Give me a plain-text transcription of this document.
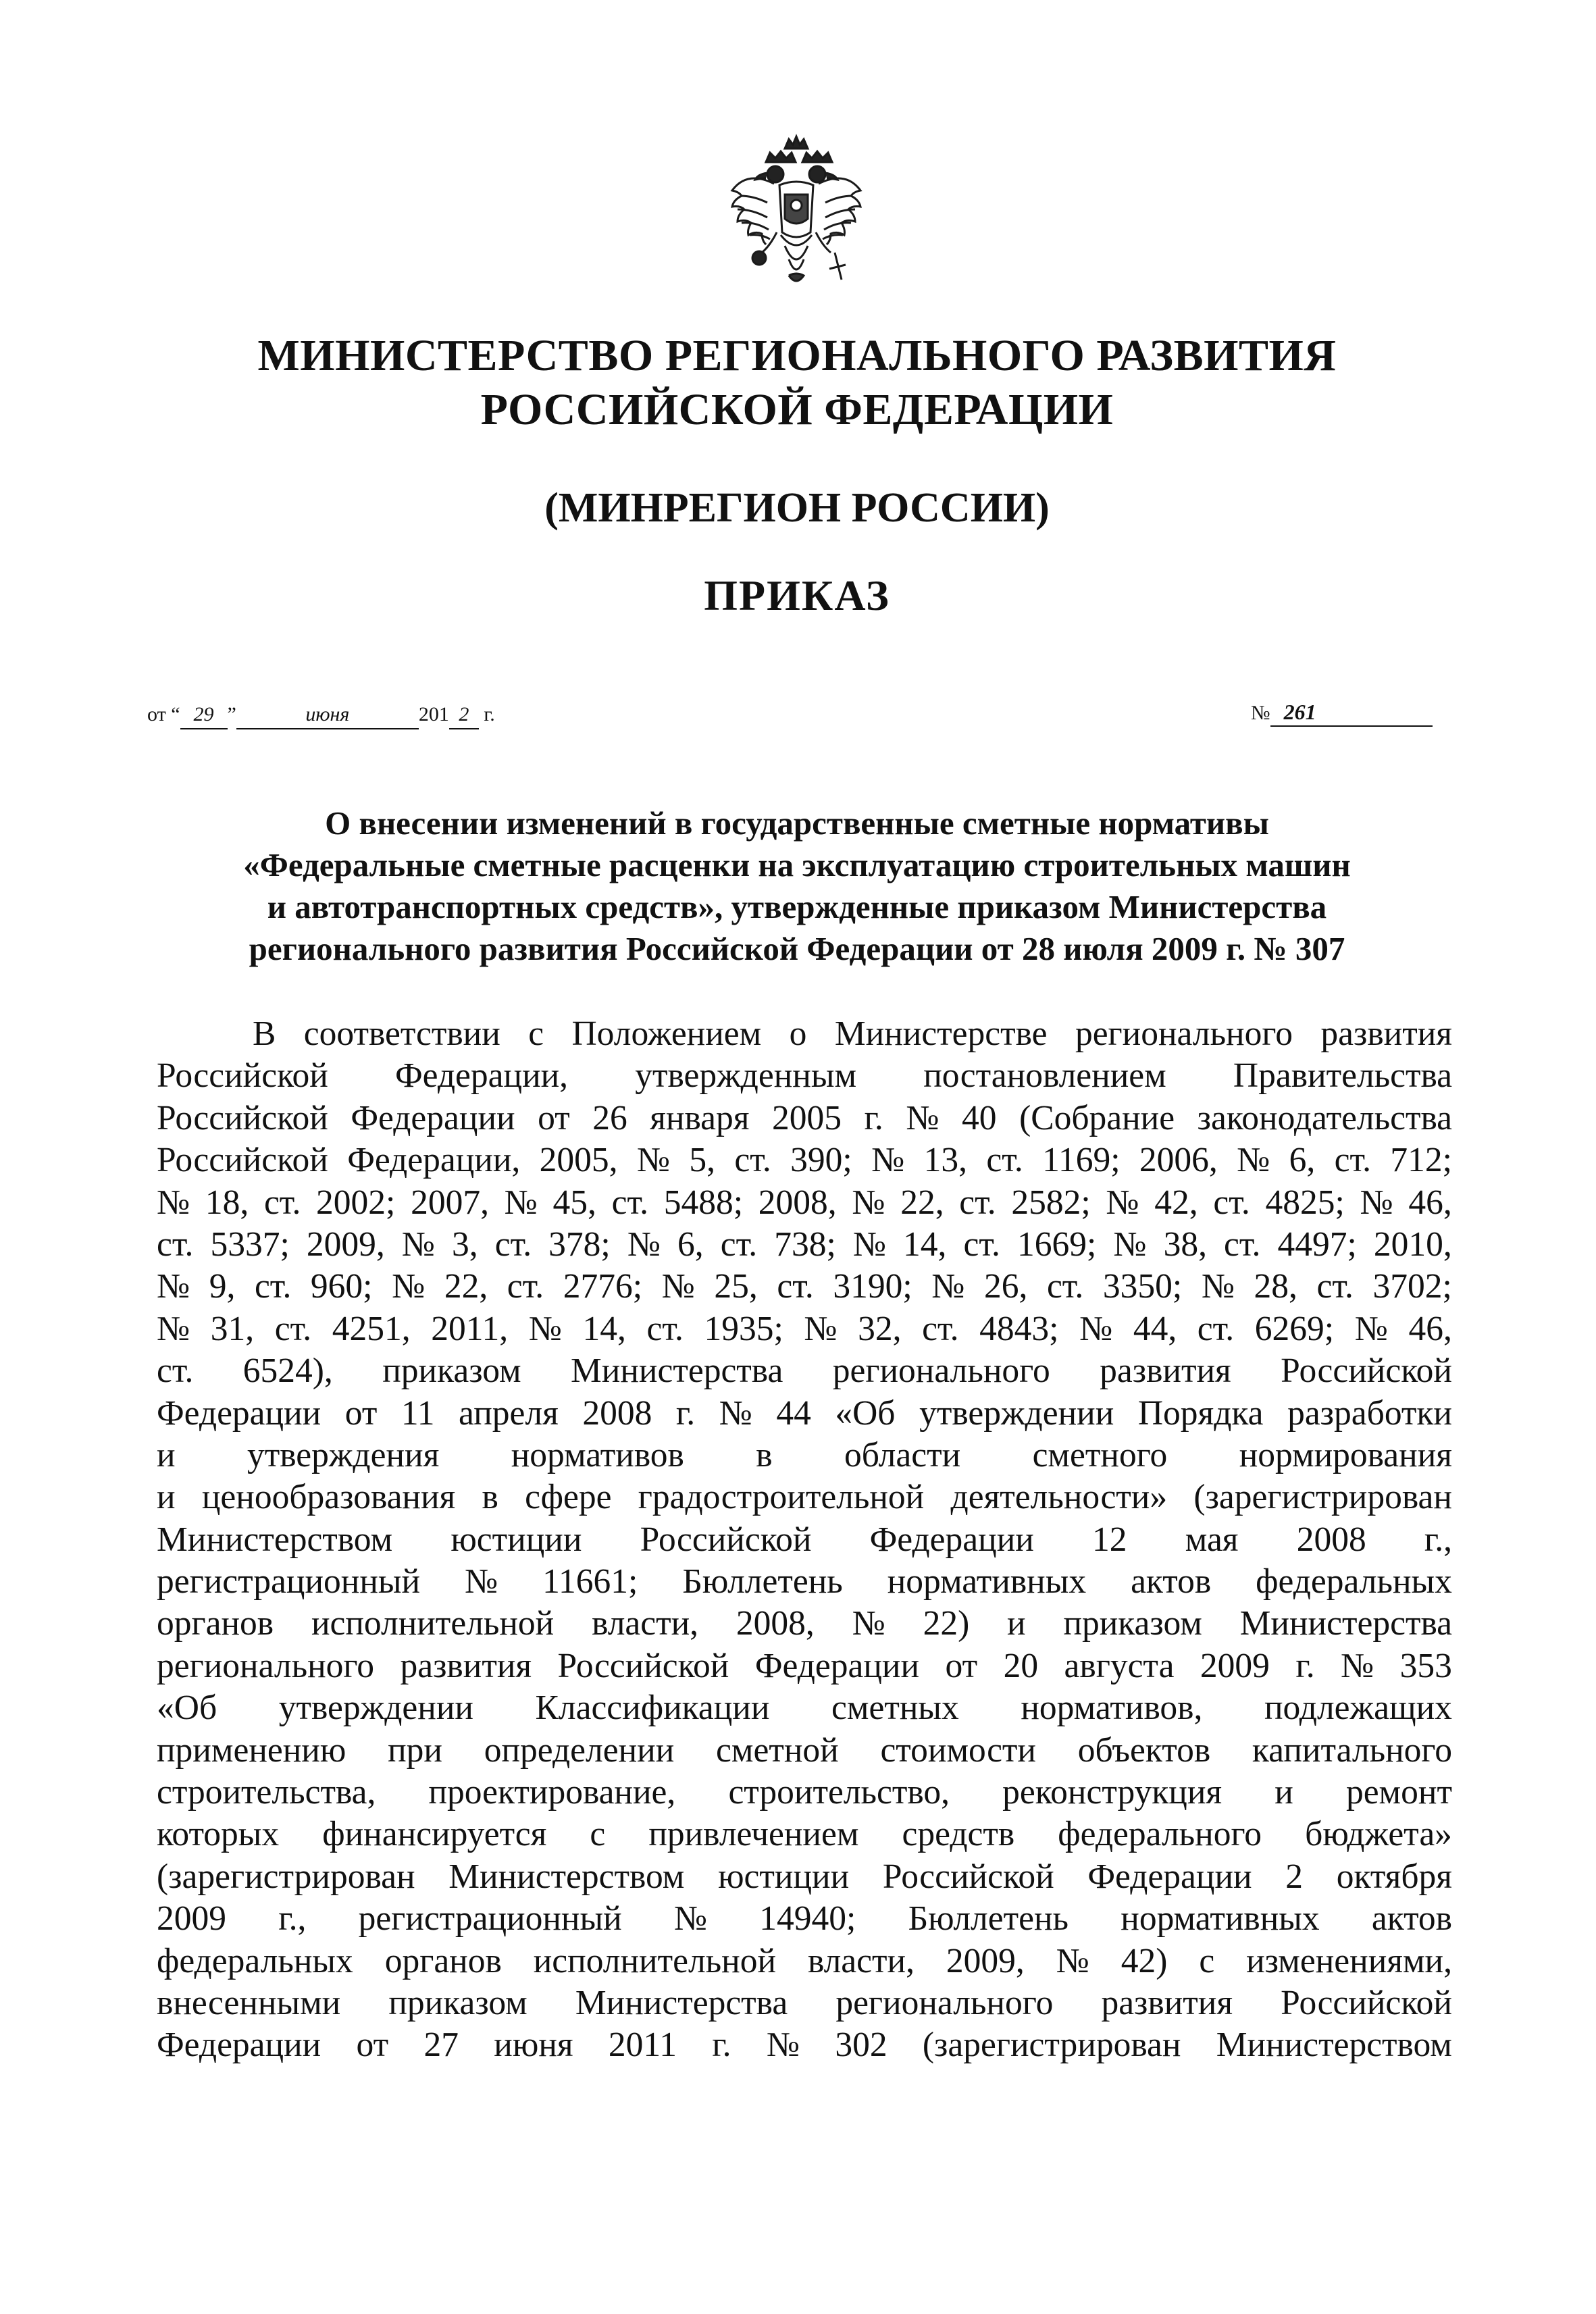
МИНИСТЕРСТВО РЕГИОНАЛЬНОГО РАЗВИТИЯ
РОССИЙСКОЙ ФЕДЕРАЦИИ
(МИНРЕГИОН РОССИИ)
ПРИКАЗ
от “ 29 ”	июня	201 2 г.	№ 261
О внесении изменений в государственные сметные нормативы
«Федеральные сметные расценки на эксплуатацию строительных машин
и автотранспортных средств», утвержденные приказом Министерства
регионального развития Российской Федерации от 28 июля 2009 г. № 307
В соответствии с Положением о Министерстве регионального развития
Российской Федерации, утвержденным постановлением Правительства
Российской Федерации от 26 января 2005 г. № 40 (Собрание законодательства
Российской Федерации, 2005, № 5, ст. 390; № 13, ст. 1169; 2006, № 6, ст. 712;
№ 18, ст. 2002; 2007, № 45, ст. 5488; 2008, № 22, ст. 2582; № 42, ст. 4825; № 46,
ст. 5337; 2009, № 3, ст. 378; № 6, ст. 738; № 14, ст. 1669; № 38, ст. 4497; 2010,
№ 9, ст. 960; № 22, ст. 2776; № 25, ст. 3190; № 26, ст. 3350; № 28, ст. 3702;
№ 31, ст. 4251, 2011, № 14, ст. 1935; № 32, ст. 4843; № 44, ст. 6269; № 46,
ст. 6524), приказом Министерства регионального развития Российской
Федерации от 11 апреля 2008 г. № 44 «Об утверждении Порядка разработки
и утверждения нормативов в области сметного нормирования
и ценообразования в сфере градостроительной деятельности» (зарегистрирован
Министерством юстиции Российской Федерации 12 мая 2008 г.,
регистрационный № 11661; Бюллетень нормативных актов федеральных
органов исполнительной власти, 2008, № 22) и приказом Министерства
регионального развития Российской Федерации от 20 августа 2009 г. № 353
«Об утверждении Классификации сметных нормативов, подлежащих
применению при определении сметной стоимости объектов капитального
строительства, проектирование, строительство, реконструкция и ремонт
которых финансируется с привлечением средств федерального бюджета»
(зарегистрирован Министерством юстиции Российской Федерации 2 октября
2009 г., регистрационный № 14940; Бюллетень нормативных актов
федеральных органов исполнительной власти, 2009, № 42) с изменениями,
внесенными приказом Министерства регионального развития Российской
Федерации от 27 июня 2011 г. № 302 (зарегистрирован Министерством
